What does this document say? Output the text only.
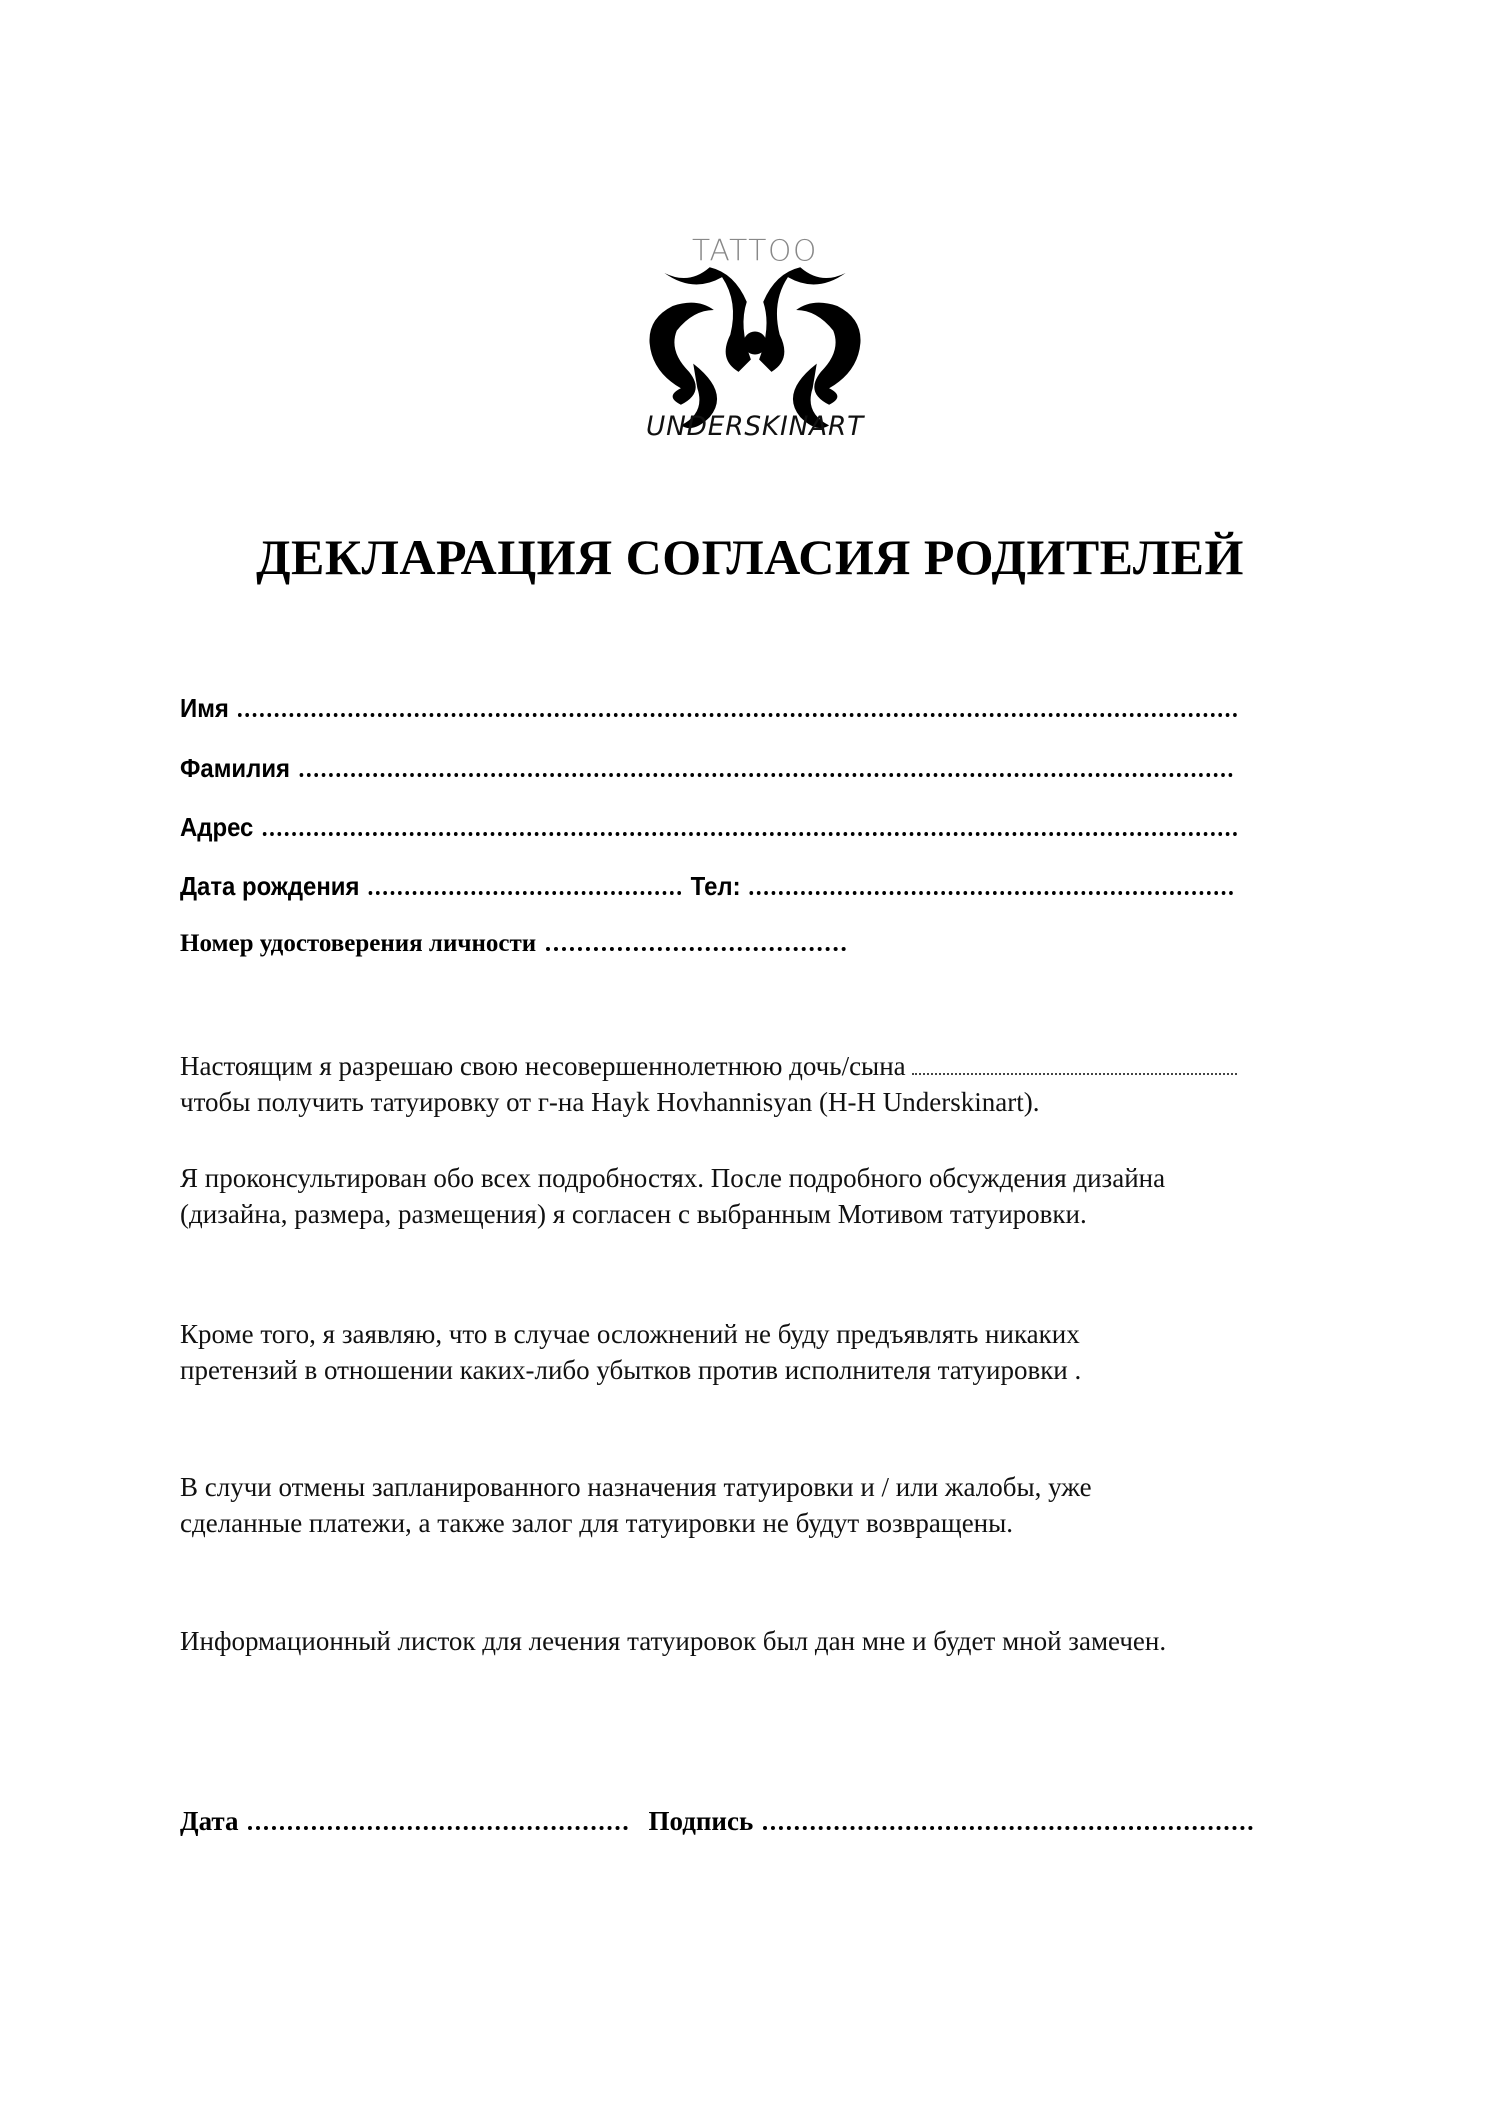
TATTOO
UNDERSKINART
ДЕКЛАРАЦИЯ СОГЛАСИЯ РОДИТЕЛЕЙ
Имя
Фамилия
Адрес
Дата рождения	Тел:
Номер удостоверения личности
Настоящим я разрешаю свою несовершеннолетнюю дочь/сына
чтобы получить татуировку от г-на Hayk Hovhannisyan (H-H Underskinart).
Я проконсультирован обо всех подробностях. После подробного обсуждения дизайна
(дизайна, размера, размещения) я согласен с выбранным Мотивом татуировки.
Кроме того, я заявляю, что в случае осложнений не буду предъявлять никаких
претензий в отношении каких-либо убытков против исполнителя татуировки .
В случи отмены запланированного назначения татуировки и / или жалобы, уже
сделанные платежи, а также залог для татуировки не будут возвращены.
Информационный листок для лечения татуировок был дан мне и будет мной замечен.
Дата	Подпись
